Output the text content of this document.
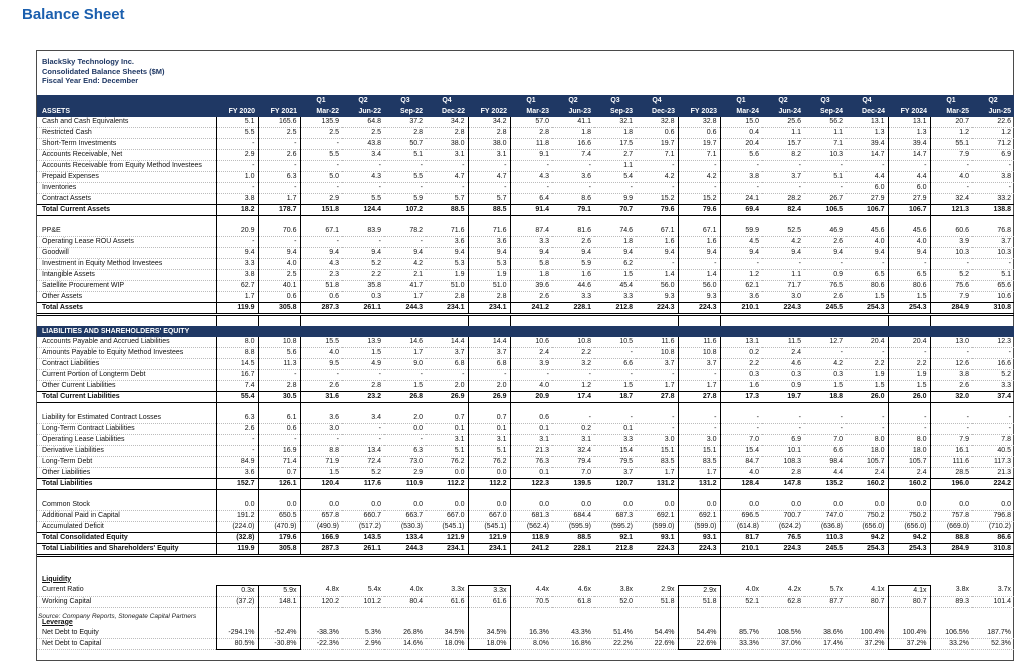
Balance Sheet
BlackSky Technology Inc.
Consolidated Balance Sheets ($M)
Fiscal Year End: December
			Q1	Q2	Q3	Q4		Q1	Q2	Q3	Q4		Q1	Q2	Q3	Q4		Q1	Q2
ASSETS	FY 2020	FY 2021	Mar-22	Jun-22	Sep-22	Dec-22	FY 2022	Mar-23	Jun-23	Sep-23	Dec-23	FY 2023	Mar-24	Jun-24	Sep-24	Dec-24	FY 2024	Mar-25	Jun-25
Cash and Cash Equivalents	5.1	165.6	135.9	64.8	37.2	34.2	34.2	57.0	41.1	32.1	32.8	32.8	15.0	25.6	56.2	13.1	13.1	20.7	22.6
Restricted Cash	5.5	2.5	2.5	2.5	2.8	2.8	2.8	2.8	1.8	1.8	0.6	0.6	0.4	1.1	1.1	1.3	1.3	1.2	1.2
Short-Term Investments	-	-	-	43.8	50.7	38.0	38.0	11.8	16.6	17.5	19.7	19.7	20.4	15.7	7.1	39.4	39.4	55.1	71.2
Accounts Receivable, Net	2.9	2.6	5.5	3.4	5.1	3.1	3.1	9.1	7.4	2.7	7.1	7.1	5.6	8.2	10.3	14.7	14.7	7.9	6.9
Accounts Receivable from Equity Method Investees	-	-	-	-	-	-	-	-	-	1.1	-	-	-	-	-	-	-	-	-
Prepaid Expenses	1.0	6.3	5.0	4.3	5.5	4.7	4.7	4.3	3.6	5.4	4.2	4.2	3.8	3.7	5.1	4.4	4.4	4.0	3.8
Inventories	-	-	-	-	-	-	-	-	-	-	-	-	-	-	-	6.0	6.0	-	-
Contract Assets	3.8	1.7	2.9	5.5	5.9	5.7	5.7	6.4	8.6	9.9	15.2	15.2	24.1	28.2	26.7	27.9	27.9	32.4	33.2
Total Current Assets	18.2	178.7	151.8	124.4	107.2	88.5	88.5	91.4	79.1	70.7	79.6	79.6	69.4	82.4	106.5	106.7	106.7	121.3	138.8

PP&E	20.9	70.6	67.1	83.9	78.2	71.6	71.6	87.4	81.6	74.6	67.1	67.1	59.9	52.5	46.9	45.6	45.6	60.6	76.8
Operating Lease ROU Assets	-	-	-	-	-	3.6	3.6	3.3	2.6	1.8	1.6	1.6	4.5	4.2	2.6	4.0	4.0	3.9	3.7
Goodwill	9.4	9.4	9.4	9.4	9.4	9.4	9.4	9.4	9.4	9.4	9.4	9.4	9.4	9.4	9.4	9.4	9.4	10.3	10.3
Investment in Equity Method Investees	3.3	4.0	4.3	5.2	4.2	5.3	5.3	5.8	5.9	6.2	-	-	-	-	-	-	-	-	-
Intangible Assets	3.8	2.5	2.3	2.2	2.1	1.9	1.9	1.8	1.6	1.5	1.4	1.4	1.2	1.1	0.9	6.5	6.5	5.2	5.1
Satellite Procurement WIP	62.7	40.1	51.8	35.8	41.7	51.0	51.0	39.6	44.6	45.4	56.0	56.0	62.1	71.7	76.5	80.6	80.6	75.6	65.6
Other Assets	1.7	0.6	0.6	0.3	1.7	2.8	2.8	2.6	3.3	3.3	9.3	9.3	3.6	3.0	2.6	1.5	1.5	7.9	10.6
Total Assets	119.9	305.8	287.3	261.1	244.3	234.1	234.1	241.2	228.1	212.8	224.3	224.3	210.1	224.3	245.5	254.3	254.3	284.9	310.8

LIABILITIES AND SHAREHOLDERS' EQUITY																			
Accounts Payable and Accrued Liabilities	8.0	10.8	15.5	13.9	14.6	14.4	14.4	10.6	10.8	10.5	11.6	11.6	13.1	11.5	12.7	20.4	20.4	13.0	12.3
Amounts Payable to Equity Method Investees	8.8	5.6	4.0	1.5	1.7	3.7	3.7	2.4	2.2	-	10.8	10.8	0.2	2.4	-	-	-	-	-
Contract Liabilities	14.5	11.3	9.5	4.9	9.0	6.8	6.8	3.9	3.2	6.6	3.7	3.7	2.2	4.6	4.2	2.2	2.2	12.6	16.6
Current Portion of Longterm Debt	16.7	-	-	-	-	-	-	-	-	-	-	-	0.3	0.3	0.3	1.9	1.9	3.8	5.2
Other Current Liabilities	7.4	2.8	2.6	2.8	1.5	2.0	2.0	4.0	1.2	1.5	1.7	1.7	1.6	0.9	1.5	1.5	1.5	2.6	3.3
Total Current Liabilities	55.4	30.5	31.6	23.2	26.8	26.9	26.9	20.9	17.4	18.7	27.8	27.8	17.3	19.7	18.8	26.0	26.0	32.0	37.4

Liability for Estimated Contract Losses	6.3	6.1	3.6	3.4	2.0	0.7	0.7	0.6	-	-	-	-	-	-	-	-	-	-	-
Long-Term Contract Liabilities	2.6	0.6	3.0	-	0.0	0.1	0.1	0.1	0.2	0.1	-	-	-	-	-	-	-	-	-
Operating Lease Liabilities	-	-	-	-	-	3.1	3.1	3.1	3.1	3.3	3.0	3.0	7.0	6.9	7.0	8.0	8.0	7.9	7.8
Derivative Liabilities	-	16.9	8.8	13.4	6.3	5.1	5.1	21.3	32.4	15.4	15.1	15.1	15.4	10.1	6.6	18.0	18.0	16.1	40.5
Long-Term Debt	84.9	71.4	71.9	72.4	73.0	76.2	76.2	76.3	79.4	79.5	83.5	83.5	84.7	108.3	98.4	105.7	105.7	111.6	117.3
Other Liabilities	3.6	0.7	1.5	5.2	2.9	0.0	0.0	0.1	7.0	3.7	1.7	1.7	4.0	2.8	4.4	2.4	2.4	28.5	21.3
Total Liabilities	152.7	126.1	120.4	117.6	110.9	112.2	112.2	122.3	139.5	120.7	131.2	131.2	128.4	147.8	135.2	160.2	160.2	196.0	224.2

Common Stock	0.0	0.0	0.0	0.0	0.0	0.0	0.0	0.0	0.0	0.0	0.0	0.0	0.0	0.0	0.0	0.0	0.0	0.0	0.0
Additional Paid in Capital	191.2	650.5	657.8	660.7	663.7	667.0	667.0	681.3	684.4	687.3	692.1	692.1	696.5	700.7	747.0	750.2	750.2	757.8	796.8
Accumulated Deficit	(224.0)	(470.9)	(490.9)	(517.2)	(530.3)	(545.1)	(545.1)	(562.4)	(595.9)	(595.2)	(599.0)	(599.0)	(614.8)	(624.2)	(636.8)	(656.0)	(656.0)	(669.0)	(710.2)
Total Consolidated Equity	(32.8)	179.6	166.9	143.5	133.4	121.9	121.9	118.9	88.5	92.1	93.1	93.1	81.7	76.5	110.3	94.2	94.2	88.8	86.6
Total Liabilities and Shareholders' Equity	119.9	305.8	287.3	261.1	244.3	234.1	234.1	241.2	228.1	212.8	224.3	224.3	210.1	224.3	245.5	254.3	254.3	284.9	310.8

Liquidity																			
Current Ratio	0.3x	5.9x	4.8x	5.4x	4.0x	3.3x	3.3x	4.4x	4.6x	3.8x	2.9x	2.9x	4.0x	4.2x	5.7x	4.1x	4.1x	3.8x	3.7x
Working Capital	(37.2)	148.1	120.2	101.2	80.4	61.6	61.6	70.5	61.8	52.0	51.8	51.8	52.1	62.8	87.7	80.7	80.7	89.3	101.4

Leverage																			
Net Debt to Equity	-294.1%	-52.4%	-38.3%	5.3%	26.8%	34.5%	34.5%	16.3%	43.3%	51.4%	54.4%	54.4%	85.7%	108.5%	38.6%	100.4%	100.4%	106.5%	187.7%
Net Debt to Capital	80.5%	-30.8%	-22.3%	2.9%	14.6%	18.0%	18.0%	8.0%	16.8%	22.2%	22.6%	22.6%	33.3%	37.0%	17.4%	37.2%	37.2%	33.2%	52.3%
Source: Company Reports, Stonegate Capital Partners
